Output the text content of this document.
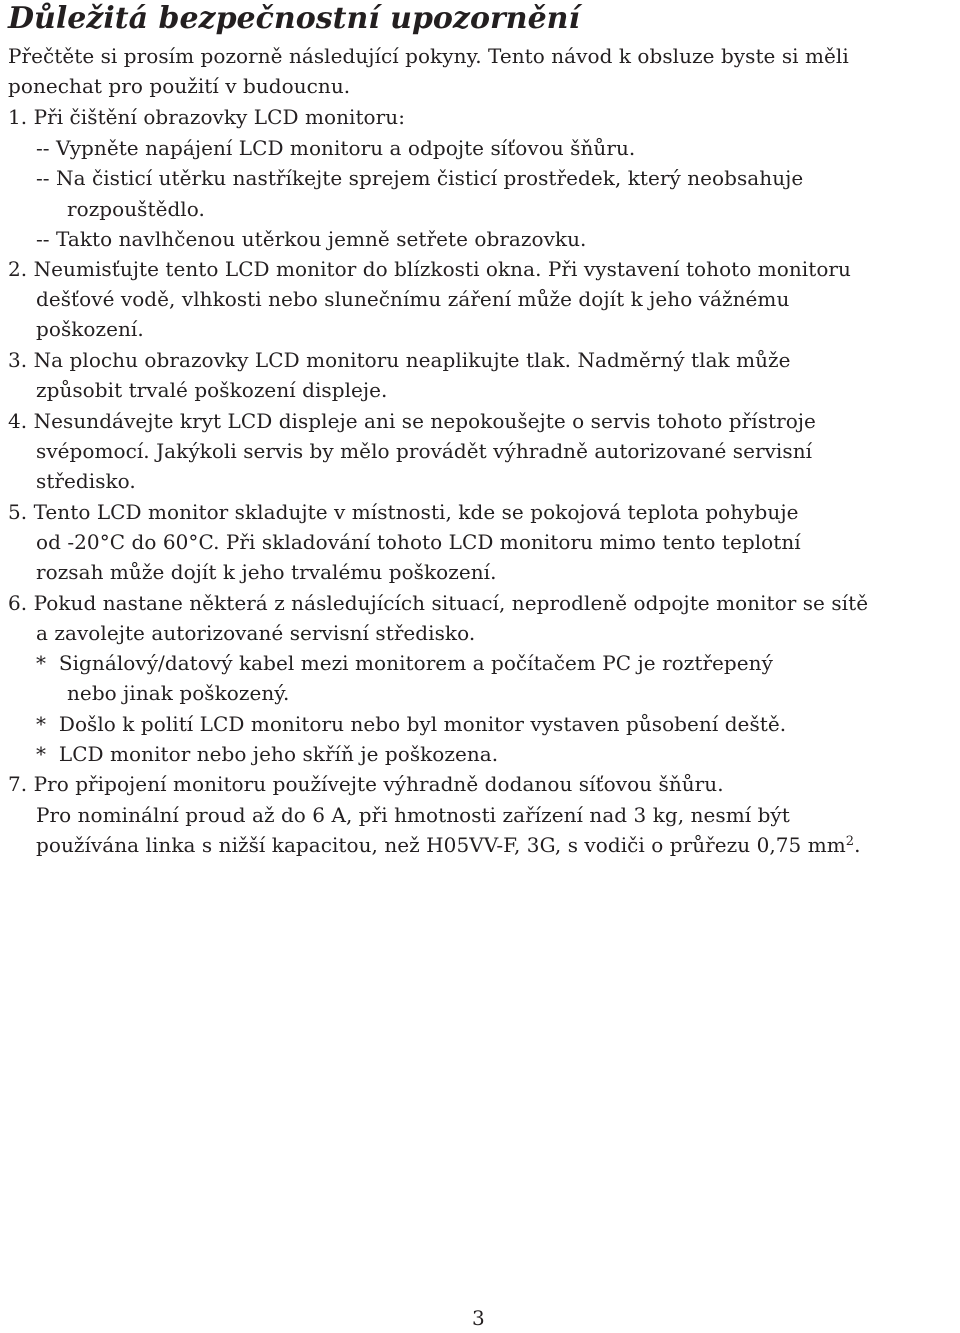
Důležitá bezpečnostní upozornění
Přečtěte si prosím pozorně následující pokyny. Tento návod k obsluze byste si měli
ponechat pro použití v budoucnu.
1. Při čištění obrazovky LCD monitoru:
-- Vypněte napájení LCD monitoru a odpojte síťovou šňůru.
-- Na čisticí utěrku nastříkejte sprejem čisticí prostředek, který neobsahuje
rozpouštědlo.
-- Takto navlhčenou utěrkou jemně setřete obrazovku.
2. Neumisťujte tento LCD monitor do blízkosti okna. Při vystavení tohoto monitoru
dešťové vodě, vlhkosti nebo slunečnímu záření může dojít k jeho vážnému
poškození.
3. Na plochu obrazovky LCD monitoru neaplikujte tlak. Nadměrný tlak může
způsobit trvalé poškození displeje.
4. Nesundávejte kryt LCD displeje ani se nepokoušejte o servis tohoto přístroje
svépomocí. Jakýkoli servis by mělo provádět výhradně autorizované servisní
středisko.
5. Tento LCD monitor skladujte v místnosti, kde se pokojová teplota pohybuje
od -20°C do 60°C. Při skladování tohoto LCD monitoru mimo tento teplotní
rozsah může dojít k jeho trvalému poškození.
6. Pokud nastane některá z následujících situací, neprodleně odpojte monitor se sítě
a zavolejte autorizované servisní středisko.
*  Signálový/datový kabel mezi monitorem a počítačem PC je roztřepený
nebo jinak poškozený.
*  Došlo k polití LCD monitoru nebo byl monitor vystaven působení deště.
*  LCD monitor nebo jeho skříň je poškozena.
7. Pro připojení monitoru používejte výhradně dodanou síťovou šňůru.
Pro nominální proud až do 6 A, při hmotnosti zařízení nad 3 kg, nesmí být
používána linka s nižší kapacitou, než H05VV-F, 3G, s vodiči o průřezu 0,75 $mm^2$.
3
